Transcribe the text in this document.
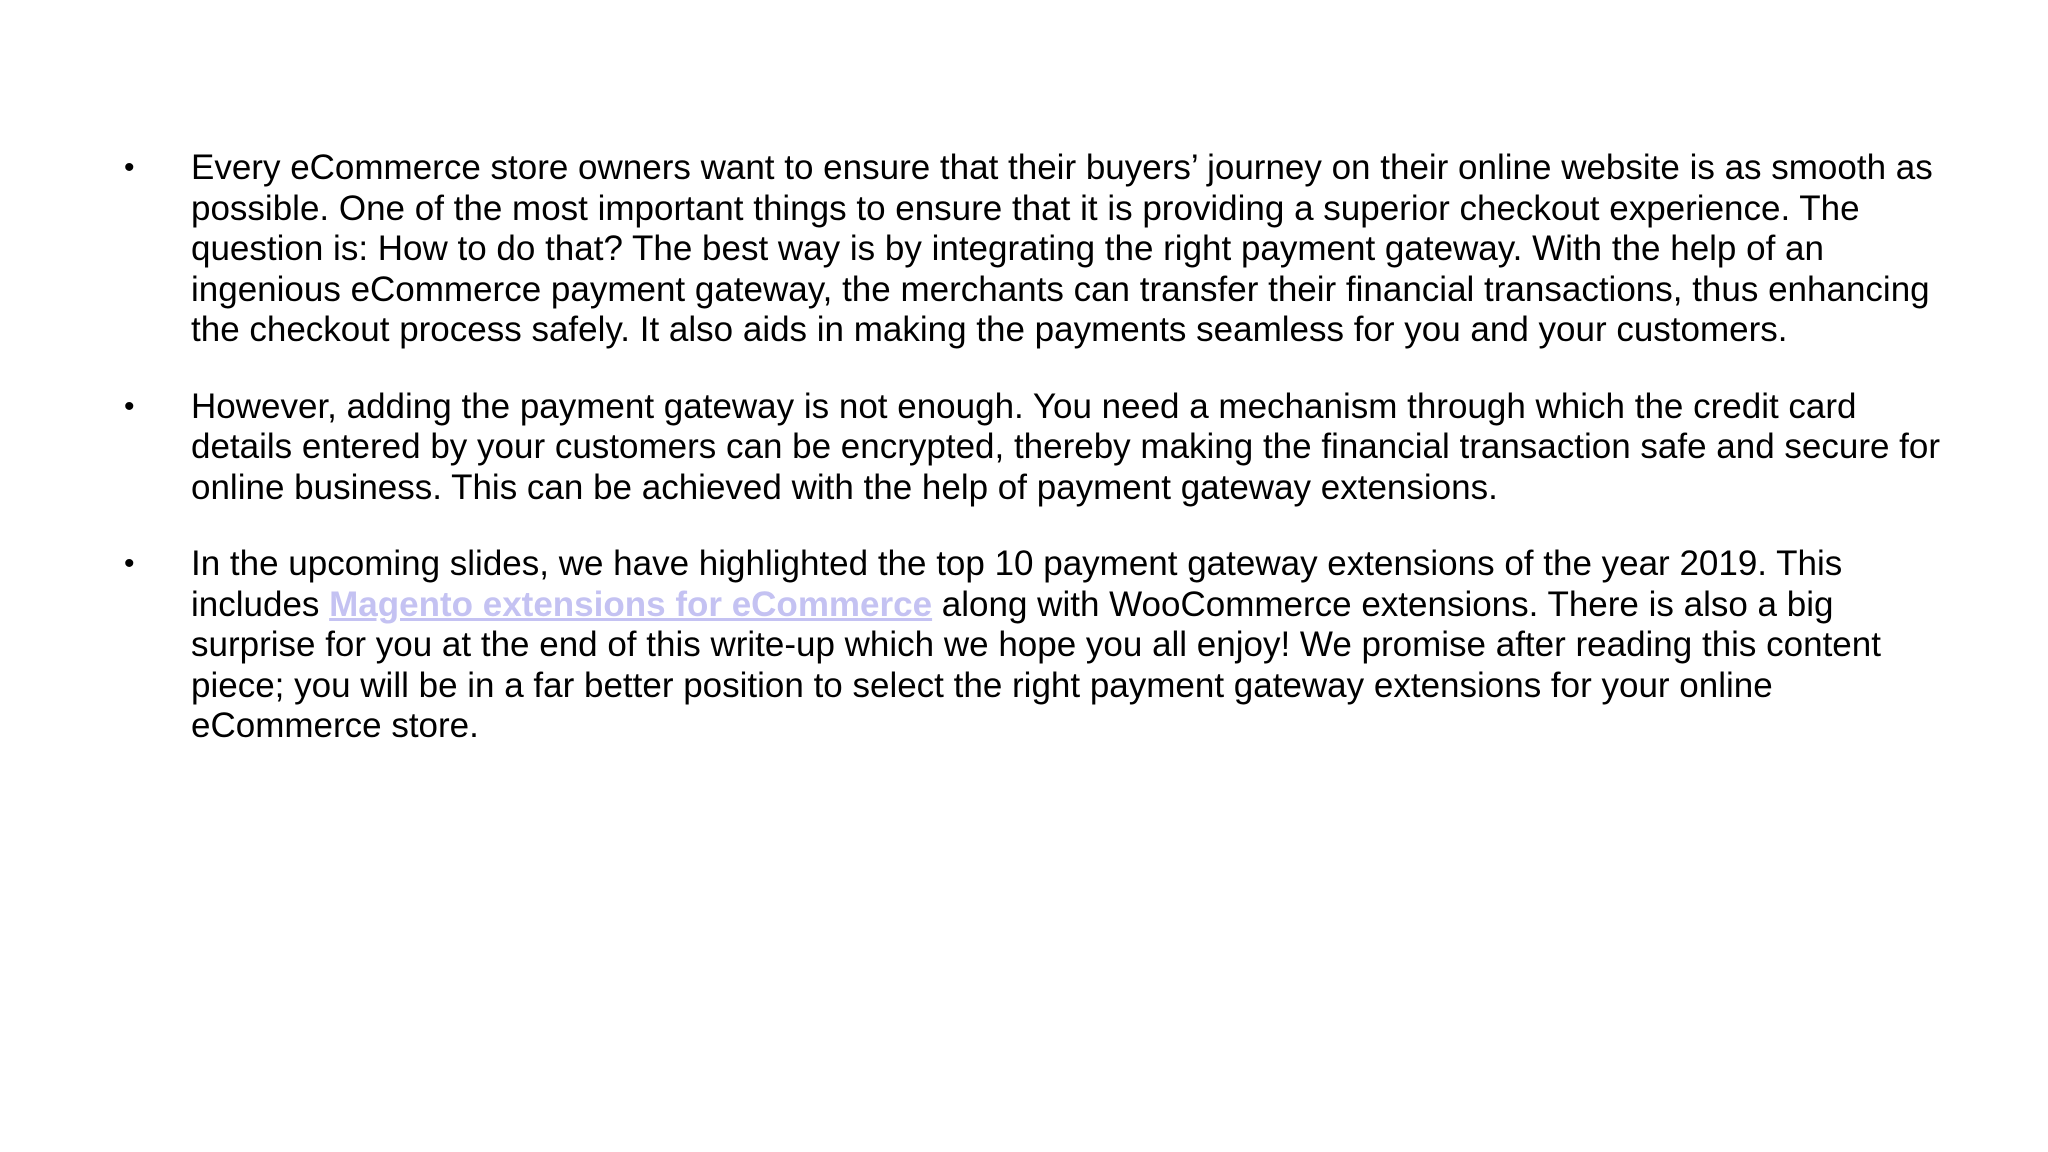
• Every eCommerce store owners want to ensure that their buyers’ journey on their online website is as smooth as possible. One of the most important things to ensure that it is providing a superior checkout experience. The question is: How to do that? The best way is by integrating the right payment gateway. With the help of an ingenious eCommerce payment gateway, the merchants can transfer their financial transactions, thus enhancing the checkout process safely. It also aids in making the payments seamless for you and your customers.
• However, adding the payment gateway is not enough. You need a mechanism through which the credit card details entered by your customers can be encrypted, thereby making the financial transaction safe and secure for online business. This can be achieved with the help of payment gateway extensions.
• In the upcoming slides, we have highlighted the top 10 payment gateway extensions of the year 2019. This includes Magento extensions for eCommerce along with WooCommerce extensions. There is also a big surprise for you at the end of this write-up which we hope you all enjoy! We promise after reading this content piece; you will be in a far better position to select the right payment gateway extensions for your online eCommerce store.
